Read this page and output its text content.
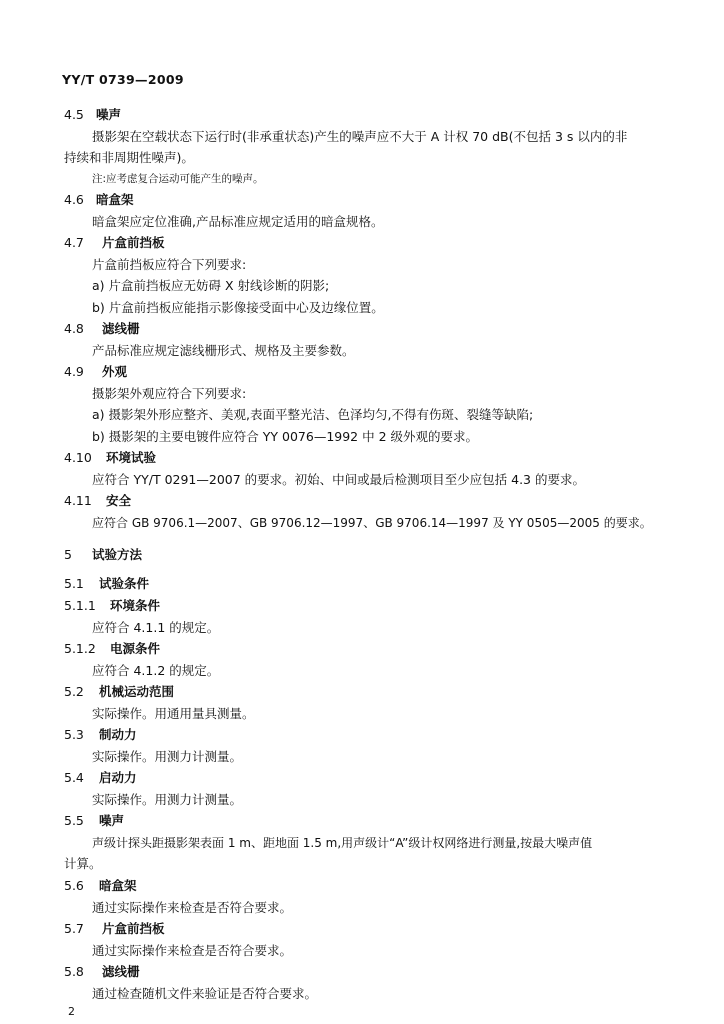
YY/T 0739—2009
4.5 噪声
摄影架在空载状态下运行时(非承重状态)产生的噪声应不大于 A 计权 70 dB(不包括 3 s 以内的非
持续和非周期性噪声)。
注:应考虑复合运动可能产生的噪声。
4.6 暗盒架
暗盒架应定位准确,产品标准应规定适用的暗盒规格。
4.7 片盒前挡板
片盒前挡板应符合下列要求:
a) 片盒前挡板应无妨碍 X 射线诊断的阴影;
b) 片盒前挡板应能指示影像接受面中心及边缘位置。
4.8 滤线栅
产品标准应规定滤线栅形式、规格及主要参数。
4.9 外观
摄影架外观应符合下列要求:
a) 摄影架外形应整齐、美观,表面平整光洁、色泽均匀,不得有伤斑、裂缝等缺陷;
b) 摄影架的主要电镀件应符合 YY 0076—1992 中 2 级外观的要求。
4.10 环境试验
应符合 YY/T 0291—2007 的要求。初始、中间或最后检测项目至少应包括 4.3 的要求。
4.11 安全
应符合 GB 9706.1—2007、GB 9706.12—1997、GB 9706.14—1997 及 YY 0505—2005 的要求。
5 试验方法
5.1 试验条件
5.1.1 环境条件
应符合 4.1.1 的规定。
5.1.2 电源条件
应符合 4.1.2 的规定。
5.2 机械运动范围
实际操作。用通用量具测量。
5.3 制动力
实际操作。用测力计测量。
5.4 启动力
实际操作。用测力计测量。
5.5 噪声
声级计探头距摄影架表面 1 m、距地面 1.5 m,用声级计“A”级计权网络进行测量,按最大噪声值
计算。
5.6 暗盒架
通过实际操作来检查是否符合要求。
5.7 片盒前挡板
通过实际操作来检查是否符合要求。
5.8 滤线栅
通过检查随机文件来验证是否符合要求。
2
